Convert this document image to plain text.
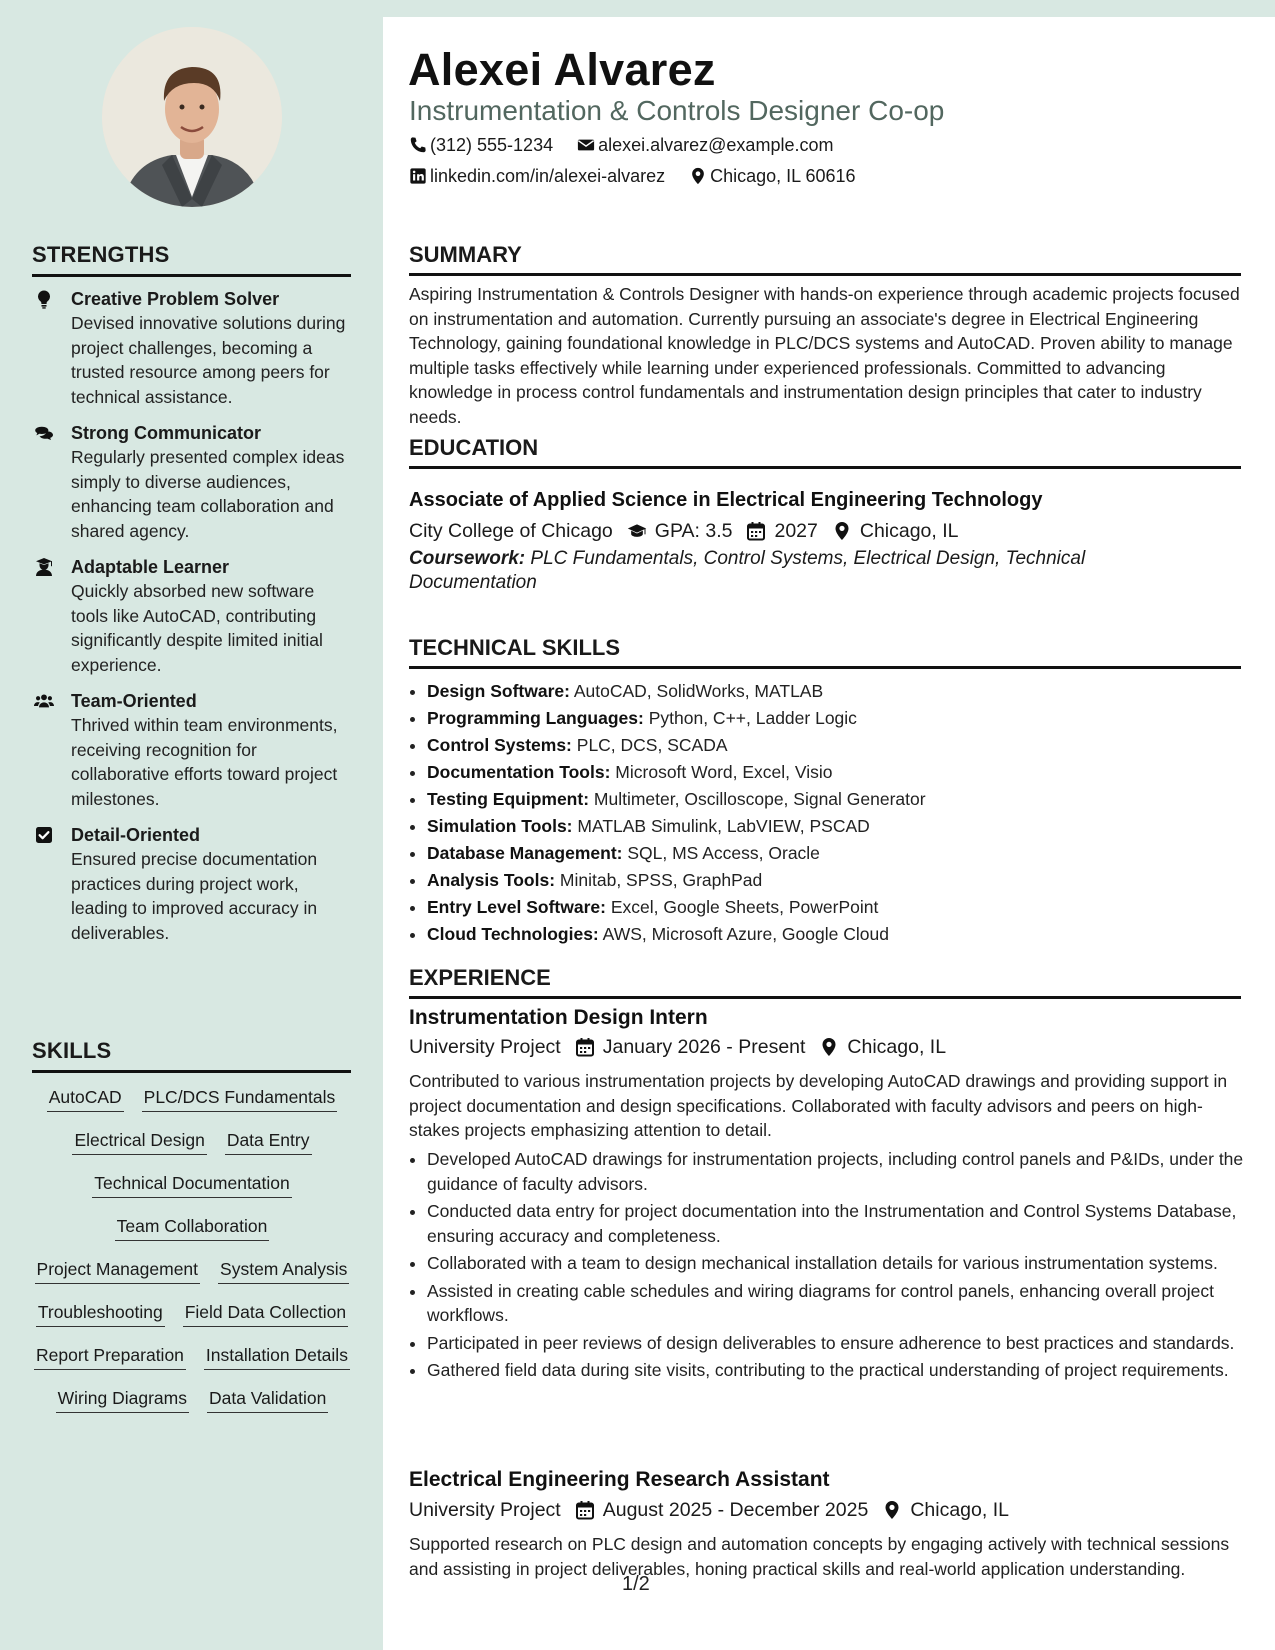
STRENGTHS
Creative Problem Solver
Devised innovative solutions during project challenges, becoming a trusted resource among peers for technical assistance.
Strong Communicator
Regularly presented complex ideas simply to diverse audiences, enhancing team collaboration and shared agency.
Adaptable Learner
Quickly absorbed new software tools like AutoCAD, contributing significantly despite limited initial experience.
Team-Oriented
Thrived within team environments, receiving recognition for collaborative efforts toward project milestones.
Detail-Oriented
Ensured precise documentation practices during project work, leading to improved accuracy in deliverables.
SKILLS
AutoCAD PLC/DCS Fundamentals
Electrical Design Data Entry
Technical Documentation
Team Collaboration
Project Management System Analysis
Troubleshooting Field Data Collection
Report Preparation Installation Details
Wiring Diagrams Data Validation
Alexei Alvarez
Instrumentation & Controls Designer Co-op
(312) 555-1234	alexei.alvarez@example.com
linkedin.com/in/alexei-alvarez	Chicago, IL 60616
SUMMARY

Aspiring Instrumentation & Controls Designer with hands-on experience through academic projects focused on instrumentation and automation. Currently pursuing an associate's degree in Electrical Engineering Technology, gaining foundational knowledge in PLC/DCS systems and AutoCAD. Proven ability to manage multiple tasks effectively while learning under experienced professionals. Committed to advancing knowledge in process control fundamentals and instrumentation design principles that cater to industry needs.

EDUCATION
Associate of Applied Science in Electrical Engineering Technology
City College of Chicago GPA: 3.5 2027 Chicago, IL

Coursework: PLC Fundamentals, Control Systems, Electrical Design, Technical Documentation

TECHNICAL SKILLS
• Design Software: AutoCAD, SolidWorks, MATLAB
• Programming Languages: Python, C++, Ladder Logic
• Control Systems: PLC, DCS, SCADA
• Documentation Tools: Microsoft Word, Excel, Visio
• Testing Equipment: Multimeter, Oscilloscope, Signal Generator
• Simulation Tools: MATLAB Simulink, LabVIEW, PSCAD
• Database Management: SQL, MS Access, Oracle
• Analysis Tools: Minitab, SPSS, GraphPad
• Entry Level Software: Excel, Google Sheets, PowerPoint
• Cloud Technologies: AWS, Microsoft Azure, Google Cloud
EXPERIENCE
Instrumentation Design Intern
University Project January 2026 - Present Chicago, IL

Contributed to various instrumentation projects by developing AutoCAD drawings and providing support in project documentation and design specifications. Collaborated with faculty advisors and peers on high-stakes projects emphasizing attention to detail.

• Developed AutoCAD drawings for instrumentation projects, including control panels and P&IDs, under the guidance of faculty advisors.
• Conducted data entry for project documentation into the Instrumentation and Control Systems Database, ensuring accuracy and completeness.
• Collaborated with a team to design mechanical installation details for various instrumentation systems.
• Assisted in creating cable schedules and wiring diagrams for control panels, enhancing overall project workflows.
• Participated in peer reviews of design deliverables to ensure adherence to best practices and standards.
• Gathered field data during site visits, contributing to the practical understanding of project requirements.
Electrical Engineering Research Assistant
University Project August 2025 - December 2025 Chicago, IL

Supported research on PLC design and automation concepts by engaging actively with technical sessions and assisting in project deliverables, honing practical skills and real-world application understanding.

1/2
